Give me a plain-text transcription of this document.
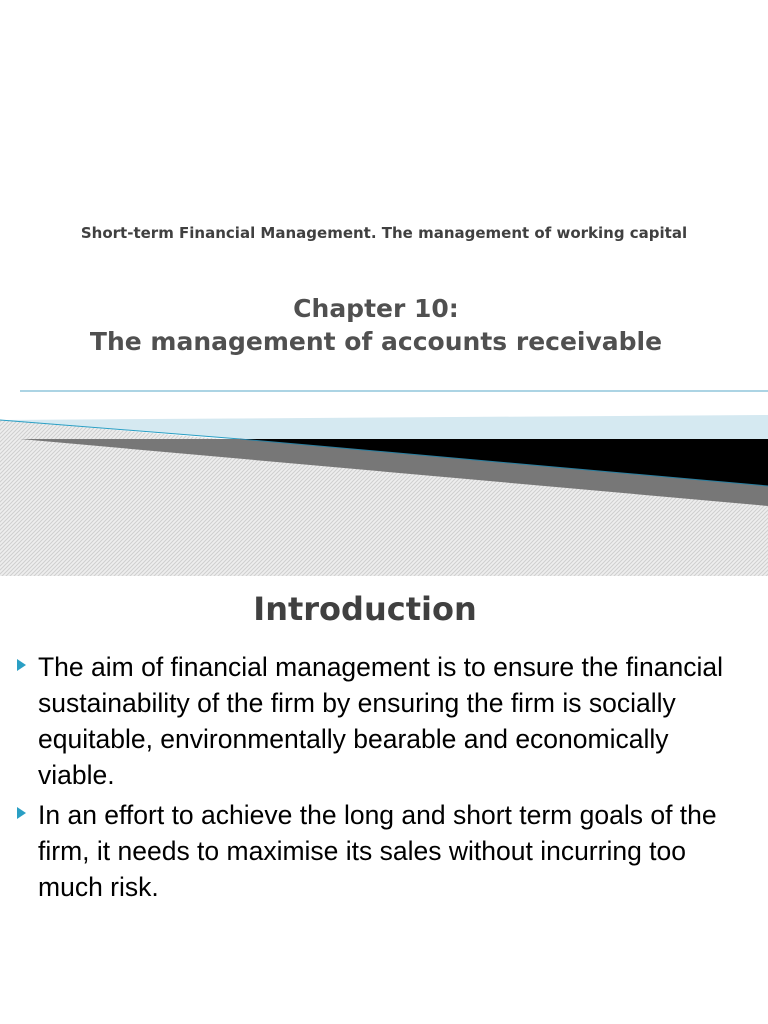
Short-term Financial Management. The management of working capital
Chapter 10:
The management of accounts receivable
Introduction
The aim of financial management is to ensure the financial sustainability of the firm by ensuring the firm is socially equitable, environmentally bearable and economically viable.
In an effort to achieve the long and short term goals of the firm, it needs to maximise its sales without incurring too much risk.
